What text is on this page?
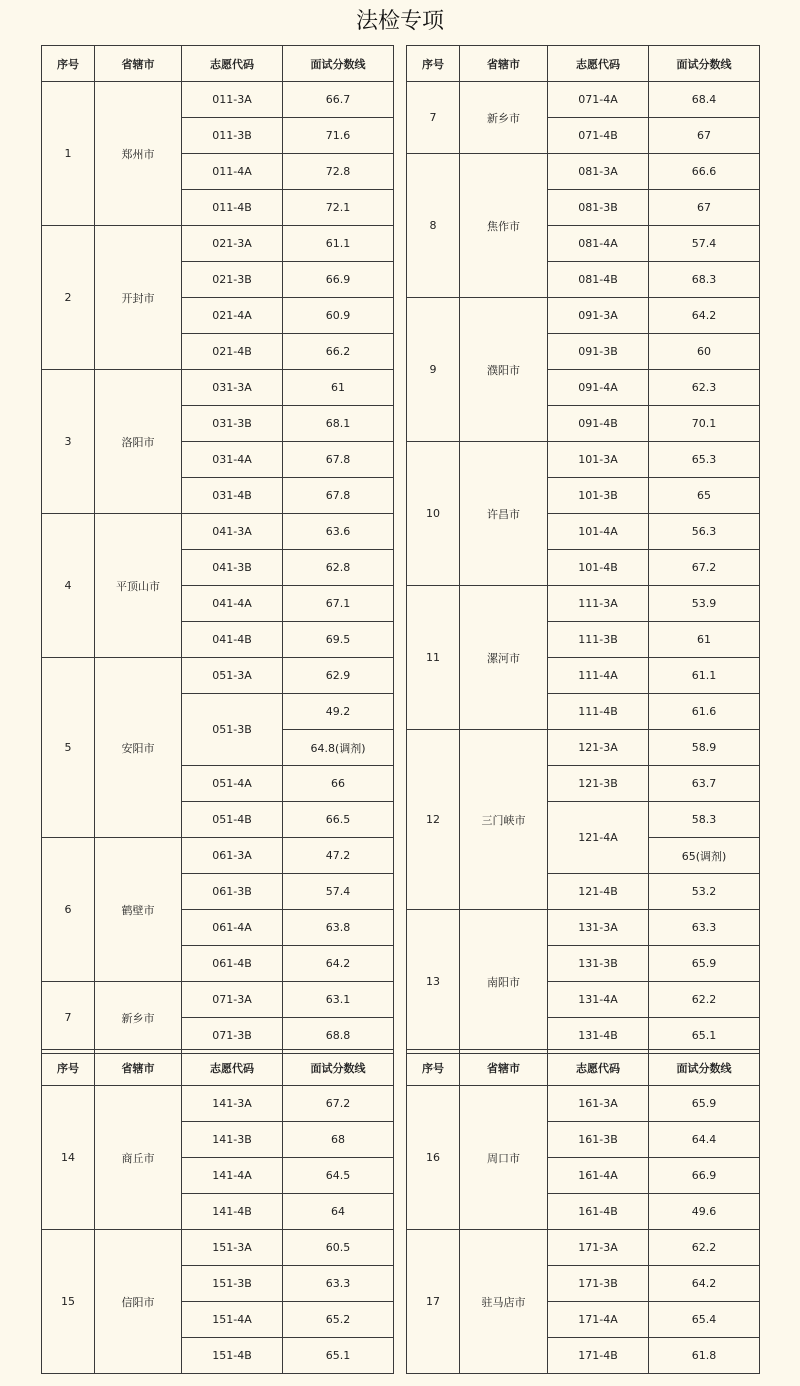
法检专项
序号	省辖市	志愿代码	面试分数线
1	郑州市	011-3A	66.7
		011-3B	71.6
		011-4A	72.8
		011-4B	72.1
2	开封市	021-3A	61.1
		021-3B	66.9
		021-4A	60.9
		021-4B	66.2
3	洛阳市	031-3A	61
		031-3B	68.1
		031-4A	67.8
		031-4B	67.8
4	平顶山市	041-3A	63.6
		041-3B	62.8
		041-4A	67.1
		041-4B	69.5
5	安阳市	051-3A	62.9
		051-3B	49.2
			64.8(调剂)
		051-4A	66
		051-4B	66.5
6	鹤壁市	061-3A	47.2
		061-3B	57.4
		061-4A	63.8
		061-4B	64.2
7	新乡市	071-3A	63.1
		071-3B	68.8
序号	省辖市	志愿代码	面试分数线
7	新乡市	071-4A	68.4
		071-4B	67
8	焦作市	081-3A	66.6
		081-3B	67
		081-4A	57.4
		081-4B	68.3
9	濮阳市	091-3A	64.2
		091-3B	60
		091-4A	62.3
		091-4B	70.1
10	许昌市	101-3A	65.3
		101-3B	65
		101-4A	56.3
		101-4B	67.2
11	漯河市	111-3A	53.9
		111-3B	61
		111-4A	61.1
		111-4B	61.6
12	三门峡市	121-3A	58.9
		121-3B	63.7
		121-4A	58.3
			65(调剂)
		121-4B	53.2
13	南阳市	131-3A	63.3
		131-3B	65.9
		131-4A	62.2
		131-4B	65.1
序号	省辖市	志愿代码	面试分数线
14	商丘市	141-3A	67.2
		141-3B	68
		141-4A	64.5
		141-4B	64
15	信阳市	151-3A	60.5
		151-3B	63.3
		151-4A	65.2
		151-4B	65.1
序号	省辖市	志愿代码	面试分数线
16	周口市	161-3A	65.9
		161-3B	64.4
		161-4A	66.9
		161-4B	49.6
17	驻马店市	171-3A	62.2
		171-3B	64.2
		171-4A	65.4
		171-4B	61.8
